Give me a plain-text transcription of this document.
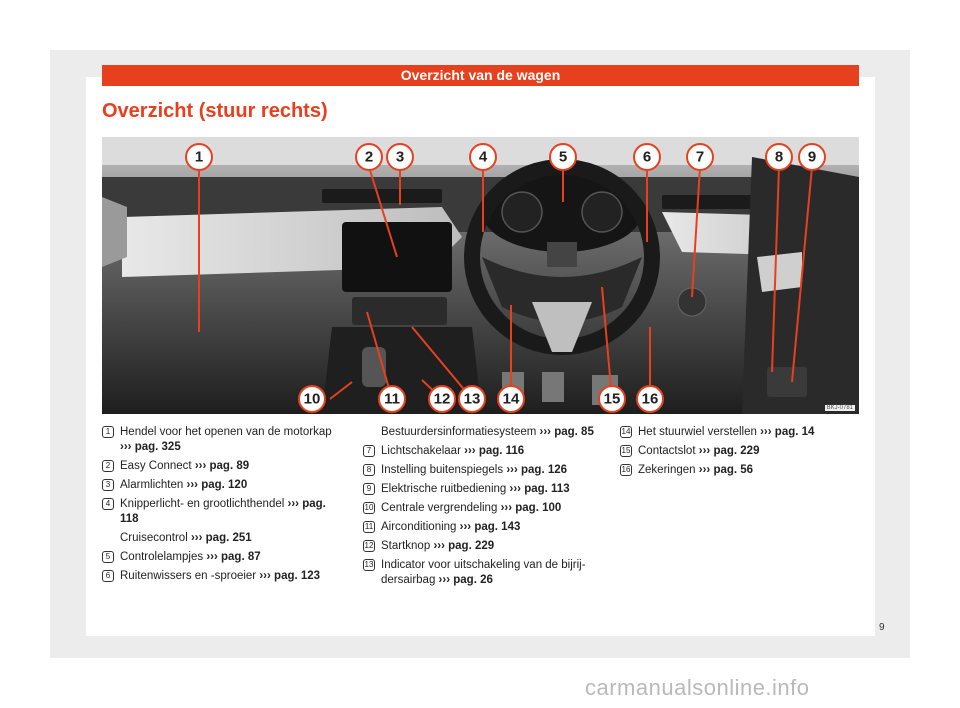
Overzicht van de wagen
Overzicht (stuur rechts)
1	2 3	4	5	6	7	8 9
10	11 12 13 14	15 16
BKJ-0781
1 Hendel voor het openen van de motorkap
››› pag. 325
2 Easy Connect ››› pag. 89
3 Alarmlichten ››› pag. 120
4 Knipperlicht- en grootlichthendel ››› pag. 118
Cruisecontrol ››› pag. 251
5 Controlelampjes ››› pag. 87
6 Ruitenwissers en -sproeier ››› pag. 123
Bestuurdersinformatiesysteem ››› pag. 85
7 Lichtschakelaar ››› pag. 116
8 Instelling buitenspiegels ››› pag. 126
9 Elektrische ruitbediening ››› pag. 113
10 Centrale vergrendeling ››› pag. 100
11 Airconditioning ››› pag. 143
12 Startknop ››› pag. 229
13 Indicator voor uitschakeling van de bijrij-dersairbag ››› pag. 26
14 Het stuurwiel verstellen ››› pag. 14
15 Contactslot ››› pag. 229
16 Zekeringen ››› pag. 56
9
carmanualsonline.info
